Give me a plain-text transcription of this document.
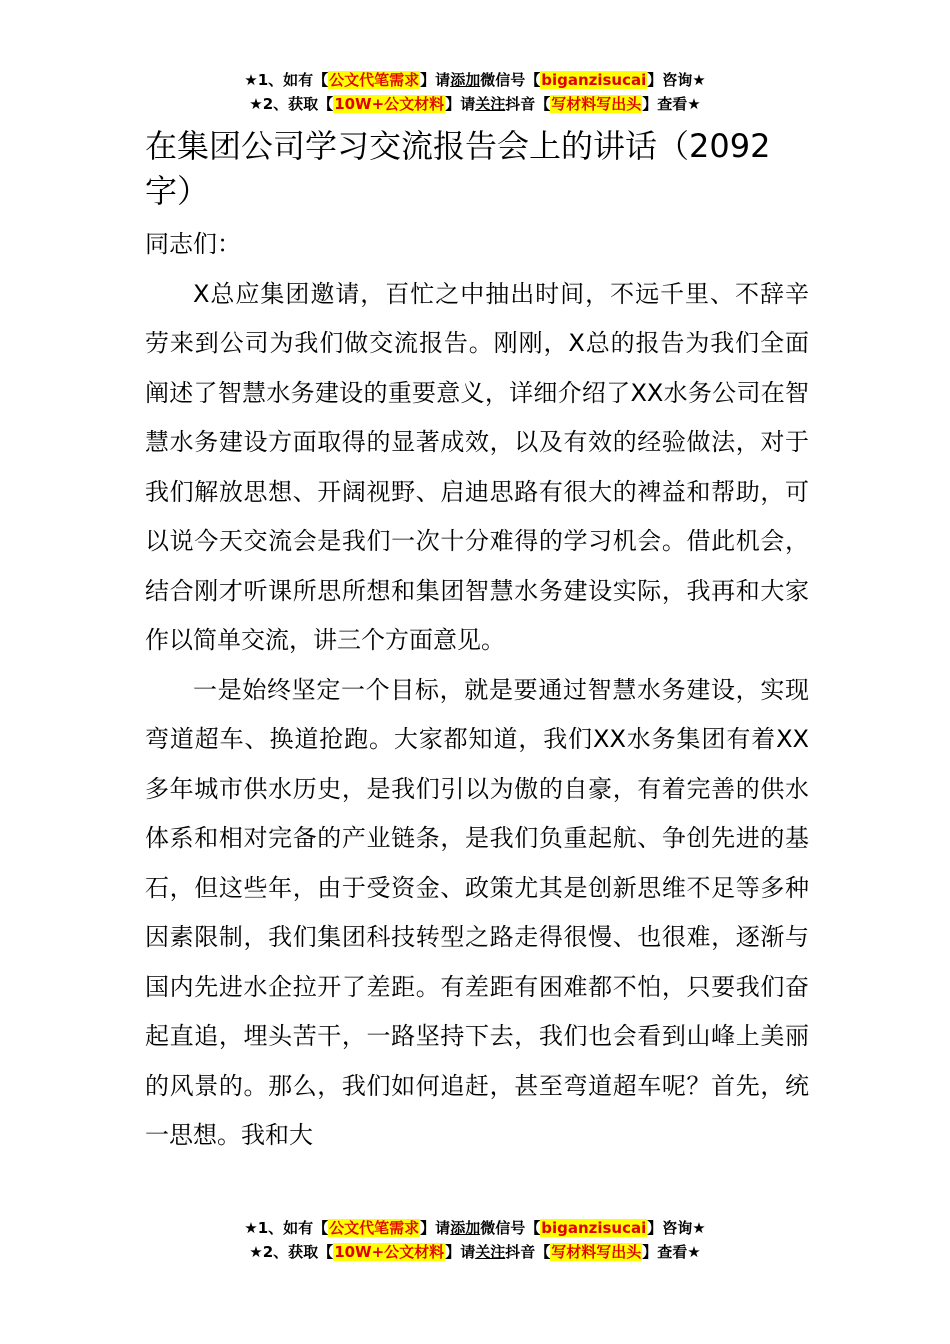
★1、如有【公文代笔需求】请添加微信号【biganzisucai】咨询★
★2、获取【10W+公文材料】请关注抖音【写材料写出头】查看★
在集团公司学习交流报告会上的讲话（2092字）

同志们：

X总应集团邀请，百忙之中抽出时间，不远千里、不辞辛劳来到公司为我们做交流报告。刚刚，X总的报告为我们全面阐述了智慧水务建设的重要意义，详细介绍了XX水务公司在智慧水务建设方面取得的显著成效，以及有效的经验做法，对于我们解放思想、开阔视野、启迪思路有很大的裨益和帮助，可以说今天交流会是我们一次十分难得的学习机会。借此机会，结合刚才听课所思所想和集团智慧水务建设实际，我再和大家作以简单交流，讲三个方面意见。

一是始终坚定一个目标，就是要通过智慧水务建设，实现弯道超车、换道抢跑。大家都知道，我们XX水务集团有着XX多年城市供水历史，是我们引以为傲的自豪，有着完善的供水体系和相对完备的产业链条，是我们负重起航、争创先进的基石，但这些年，由于受资金、政策尤其是创新思维不足等多种因素限制，我们集团科技转型之路走得很慢、也很难，逐渐与国内先进水企拉开了差距。有差距有困难都不怕，只要我们奋起直追，埋头苦干，一路坚持下去，我们也会看到山峰上美丽的风景的。那么，我们如何追赶，甚至弯道超车呢？首先，统一思想。我和大

★1、如有【公文代笔需求】请添加微信号【biganzisucai】咨询★
★2、获取【10W+公文材料】请关注抖音【写材料写出头】查看★
